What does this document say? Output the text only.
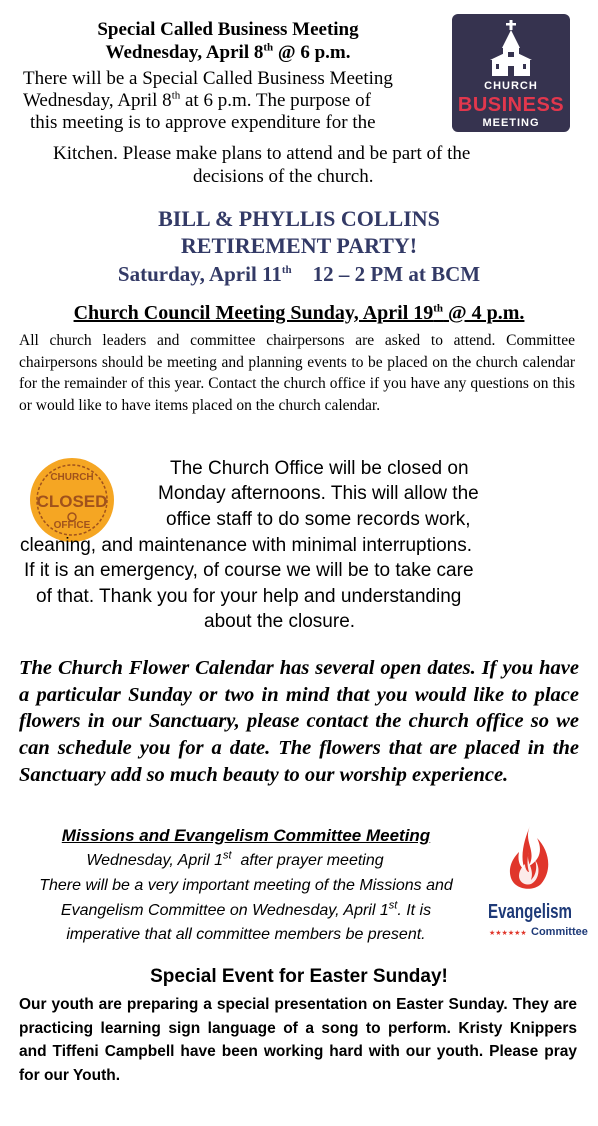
Special Called Business Meeting
Wednesday, April 8th @ 6 p.m.
There will be a Special Called Business Meeting
Wednesday, April 8th at 6 p.m. The purpose of
this meeting is to approve expenditure for the
Kitchen. Please make plans to attend and be part of the
decisions of the church.
CHURCH
BUSINESS
MEETING
BILL & PHYLLIS COLLINS
RETIREMENT PARTY!
Saturday, April 11th    12 – 2 PM at BCM
Church Council Meeting Sunday, April 19th @ 4 p.m.
All church leaders and committee chairpersons are asked to attend. Committee chairpersons should be meeting and planning events to be placed on the church calendar for the remainder of this year. Contact the church office if you have any questions on this or would like to have items placed on the church calendar.
CHURCH
CLOSED
OFFICE
The Church Office will be closed on
Monday afternoons. This will allow the
office staff to do some records work,
cleaning, and maintenance with minimal interruptions.
If it is an emergency, of course we will be to take care
of that. Thank you for your help and understanding
about the closure.
The Church Flower Calendar has several open dates. If you have a particular Sunday or two in mind that you would like to place flowers in our Sanctuary, please contact the church office so we can schedule you for a date. The flowers that are placed in the Sanctuary add so much beauty to our worship experience.
Missions and Evangelism Committee Meeting
Wednesday, April 1st  after prayer meeting
There will be a very important meeting of the Missions and
Evangelism Committee on Wednesday, April 1st. It is
imperative that all committee members be present.
Evangelism
★★★★★★ Committee
Special Event for Easter Sunday!
Our youth are preparing a special presentation on Easter Sunday. They are practicing learning sign language of a song to perform. Kristy Knippers and Tiffeni Campbell have been working hard with our youth. Please pray for our Youth.
